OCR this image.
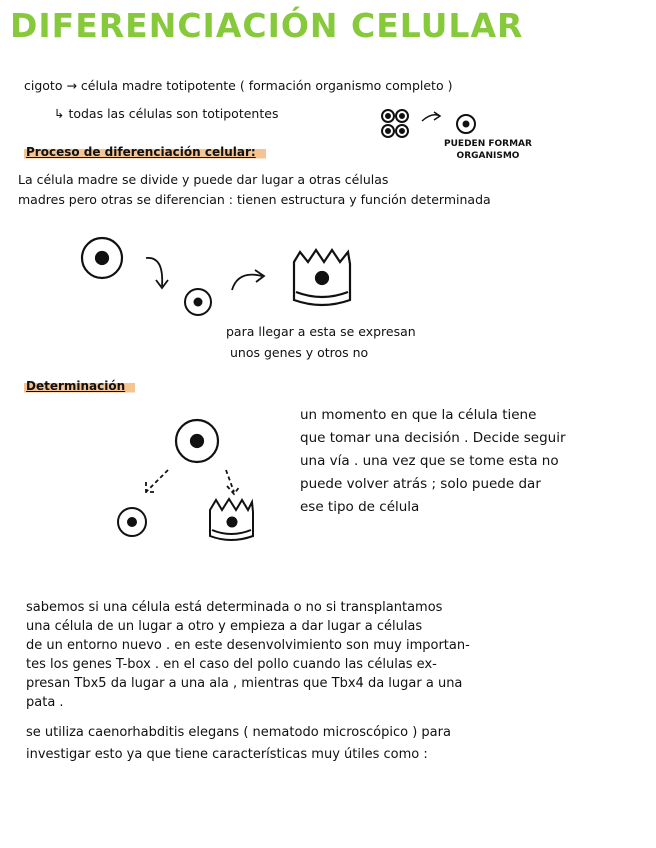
DIFERENCIACIÓN CELULAR
cigoto → célula madre totipotente ( formación organismo completo )
↳ todas las células son totipotentes
PUEDEN FORMAR
ORGANISMO
Proceso de diferenciación celular:
La célula madre se divide y puede dar lugar a otras células
madres pero otras se diferencian : tienen estructura y función determinada
para llegar a esta se expresan
unos genes y otros no
Determinación
un momento en que la célula tiene
que tomar una decisión . Decide seguir
una vía . una vez que se tome esta no
puede volver atrás ; solo puede dar
ese tipo de célula
sabemos si una célula está determinada o no si transplantamos
una célula de un lugar a otro y empieza a dar lugar a células
de un entorno nuevo . en este desenvolvimiento son muy importan-
tes los genes T-box . en el caso del pollo cuando las células ex-
presan Tbx5 da lugar a una ala , mientras que Tbx4 da lugar a una
pata .
se utiliza caenorhabditis elegans ( nematodo microscópico ) para
investigar esto ya que tiene características muy útiles como :
